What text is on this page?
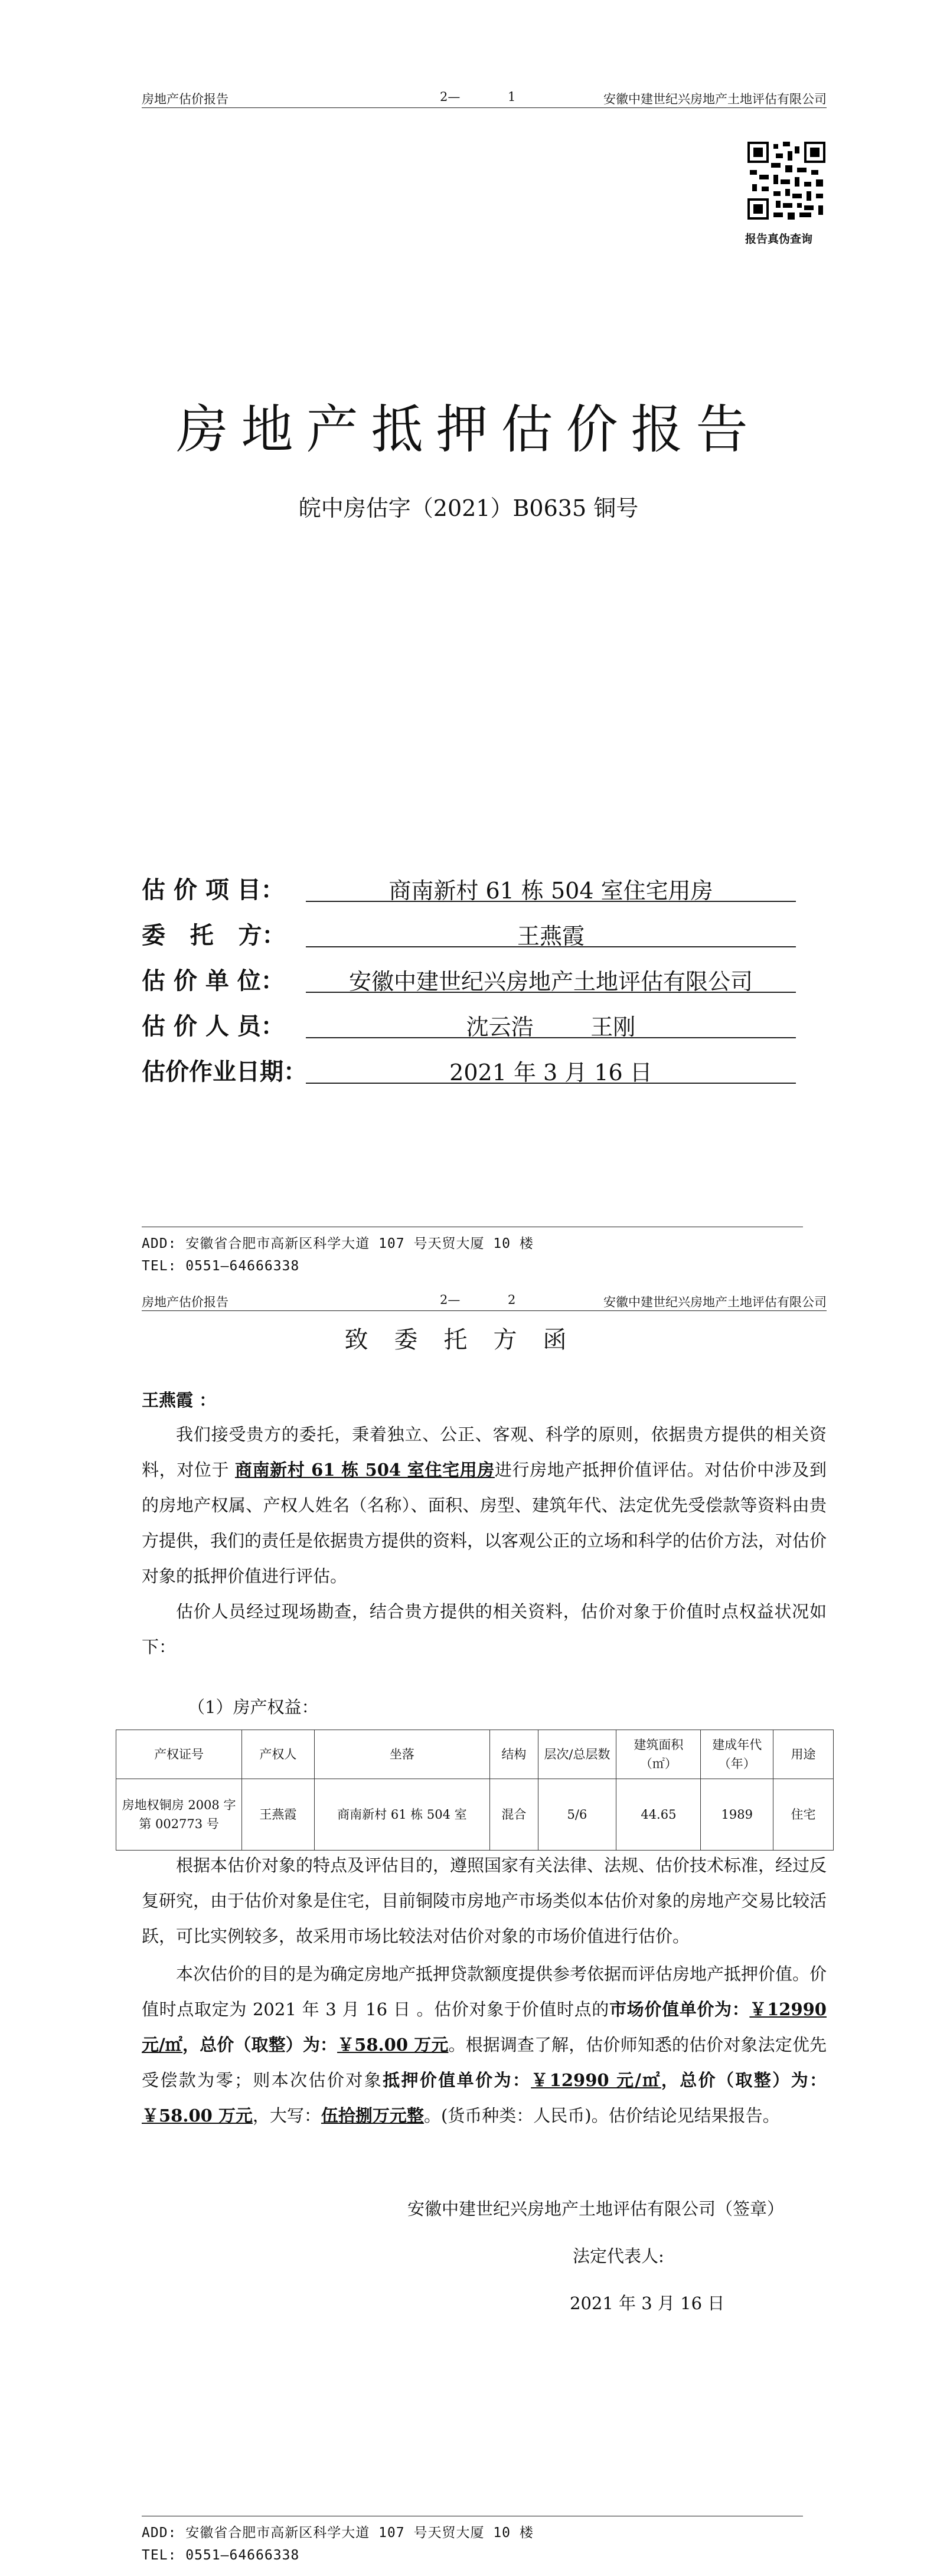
房地产估价报告	2—	1	安徽中建世纪兴房地产土地评估有限公司
报告真伪查询
房地产抵押估价报告
皖中房估字（2021）B0635 铜号
估 价 项 目：	商南新村 61 栋 504 室住宅用房
委   托   方：	王燕霞
估 价 单 位：	安徽中建世纪兴房地产土地评估有限公司
估 价 人 员：	沈云浩        王刚
估价作业日期：	2021 年 3 月 16 日
ADD: 安徽省合肥市高新区科学大道 107 号天贸大厦 10 楼
TEL: 0551—64666338
房地产估价报告	2—	2	安徽中建世纪兴房地产土地评估有限公司
致委托方函
王燕霞 ：
我们接受贵方的委托，秉着独立、公正、客观、科学的原则，依据贵方提供的相关资料，对位于 商南新村 61 栋 504 室住宅用房进行房地产抵押价值评估。对估价中涉及到的房地产权属、产权人姓名（名称）、面积、房型、建筑年代、法定优先受偿款等资料由贵方提供，我们的责任是依据贵方提供的资料，以客观公正的立场和科学的估价方法，对估价对象的抵押价值进行评估。
估价人员经过现场勘查，结合贵方提供的相关资料，估价对象于价值时点权益状况如下：
（1）房产权益：
产权证号	产权人	坐落	结构	层次/总层数	建筑面积（㎡）	建成年代（年）	用途
房地权铜房 2008 字第 002773 号	王燕霞	商南新村 61 栋 504 室	混合	5/6	44.65	1989	住宅
根据本估价对象的特点及评估目的，遵照国家有关法律、法规、估价技术标准，经过反复研究，由于估价对象是住宅，目前铜陵市房地产市场类似本估价对象的房地产交易比较活跃，可比实例较多，故采用市场比较法对估价对象的市场价值进行估价。
本次估价的目的是为确定房地产抵押贷款额度提供参考依据而评估房地产抵押价值。价值时点取定为 2021 年 3 月 16 日 。估价对象于价值时点的市场价值单价为：￥12990 元/㎡，总价（取整）为：￥58.00 万元。根据调查了解，估价师知悉的估价对象法定优先受偿款为零；则本次估价对象抵押价值单价为：￥12990 元/㎡，总价（取整）为：￥58.00 万元，大写：伍拾捌万元整。(货币种类：人民币)。估价结论见结果报告。
安徽中建世纪兴房地产土地评估有限公司（签章）
法定代表人:
2021 年 3 月 16 日
ADD: 安徽省合肥市高新区科学大道 107 号天贸大厦 10 楼
TEL: 0551—64666338
